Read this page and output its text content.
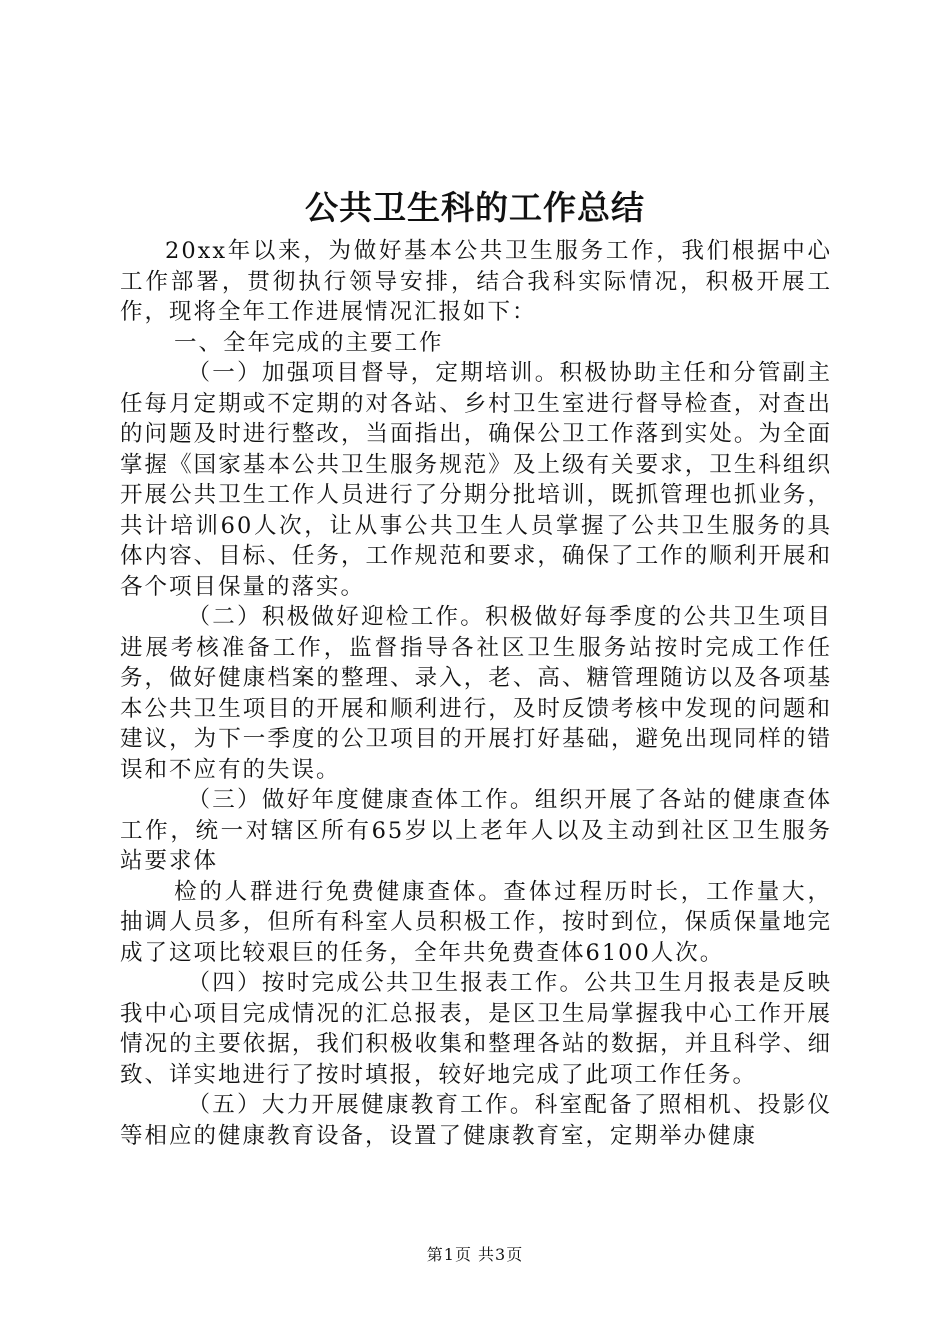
公共卫生科的工作总结

20xx年以来，为做好基本公共卫生服务工作，我们根据中心工作部署，贯彻执行领导安排，结合我科实际情况，积极开展工作，现将全年工作进展情况汇报如下：

一、全年完成的主要工作

（一）加强项目督导，定期培训。积极协助主任和分管副主任每月定期或不定期的对各站、乡村卫生室进行督导检查，对查出的问题及时进行整改，当面指出，确保公卫工作落到实处。为全面掌握《国家基本公共卫生服务规范》及上级有关要求，卫生科组织开展公共卫生工作人员进行了分期分批培训，既抓管理也抓业务，共计培训60人次，让从事公共卫生人员掌握了公共卫生服务的具体内容、目标、任务，工作规范和要求，确保了工作的顺利开展和各个项目保量的落实。

（二）积极做好迎检工作。积极做好每季度的公共卫生项目进展考核准备工作，监督指导各社区卫生服务站按时完成工作任务，做好健康档案的整理、录入，老、高、糖管理随访以及各项基本公共卫生项目的开展和顺利进行，及时反馈考核中发现的问题和建议，为下一季度的公卫项目的开展打好基础，避免出现同样的错误和不应有的失误。

（三）做好年度健康查体工作。组织开展了各站的健康查体工作，统一对辖区所有65岁以上老年人以及主动到社区卫生服务站要求体

检的人群进行免费健康查体。查体过程历时长，工作量大，抽调人员多，但所有科室人员积极工作，按时到位，保质保量地完成了这项比较艰巨的任务，全年共免费查体6100人次。

（四）按时完成公共卫生报表工作。公共卫生月报表是反映我中心项目完成情况的汇总报表，是区卫生局掌握我中心工作开展情况的主要依据，我们积极收集和整理各站的数据，并且科学、细致、详实地进行了按时填报，较好地完成了此项工作任务。

（五）大力开展健康教育工作。科室配备了照相机、投影仪等相应的健康教育设备，设置了健康教育室，定期举办健康

第1页 共3页
